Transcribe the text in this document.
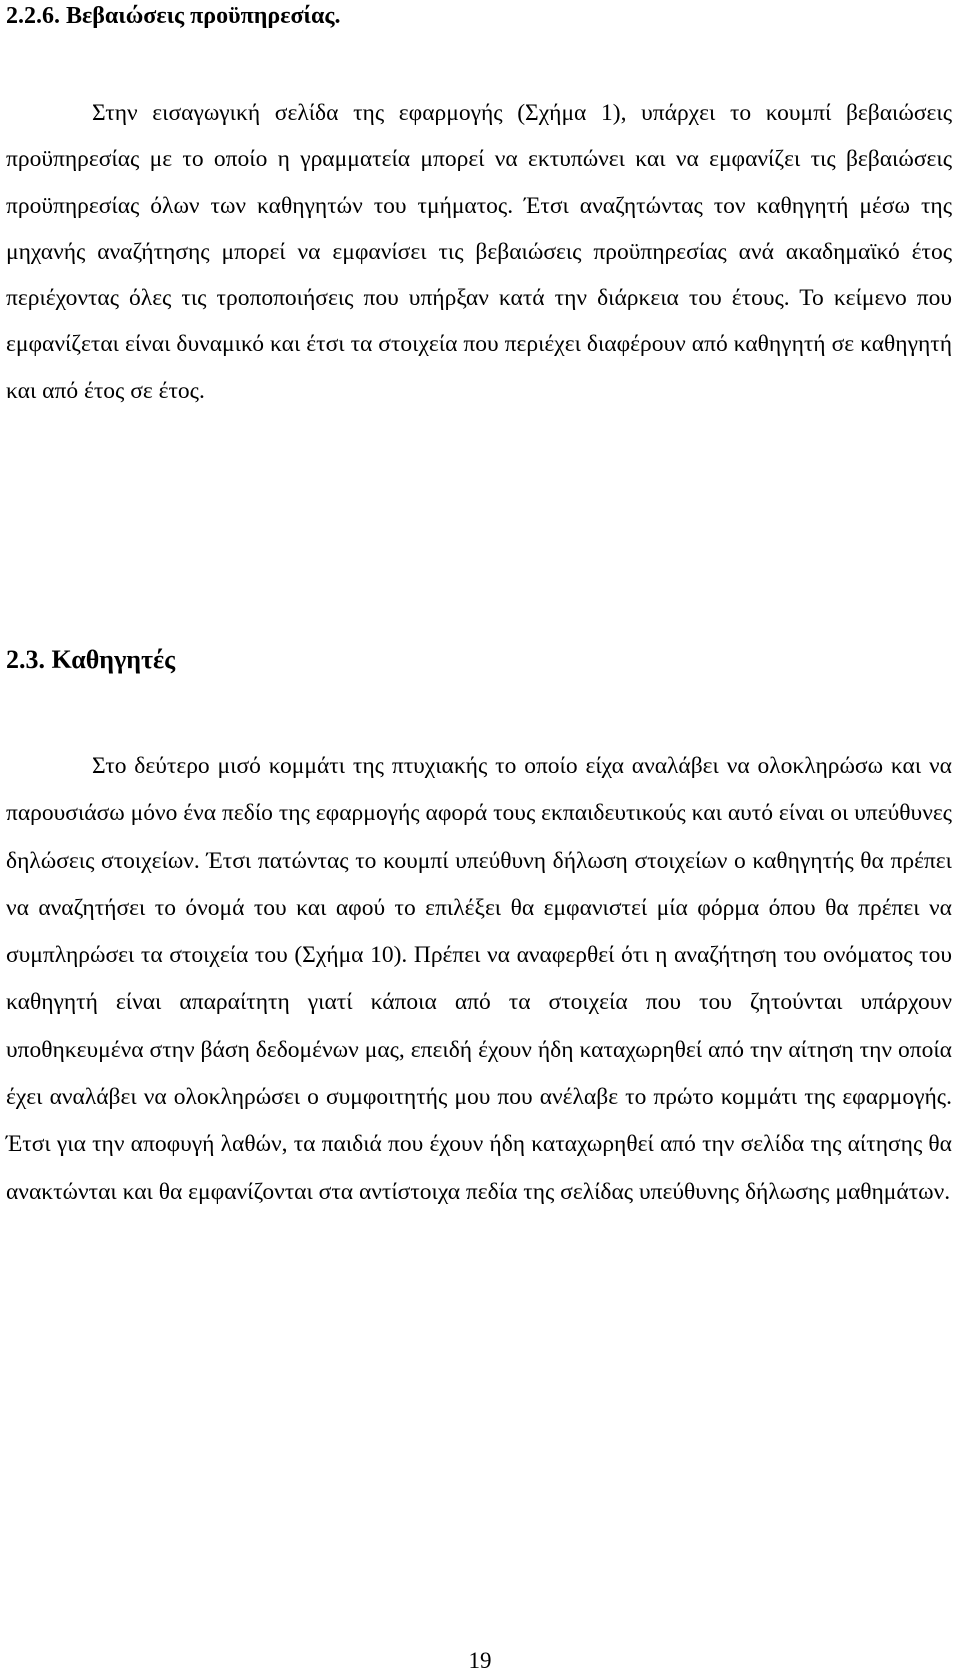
2.2.6. Βεβαιώσεις προϋπηρεσίας.

Στην εισαγωγική σελίδα της εφαρμογής (Σχήμα 1), υπάρχει το κουμπί βεβαιώσεις προϋπηρεσίας με το οποίο η γραμματεία μπορεί να εκτυπώνει και να εμφανίζει τις βεβαιώσεις προϋπηρεσίας όλων των καθηγητών του τμήματος. Έτσι αναζητώντας τον καθηγητή μέσω της μηχανής αναζήτησης μπορεί να εμφανίσει τις βεβαιώσεις προϋπηρεσίας ανά ακαδημαϊκό έτος περιέχοντας όλες τις τροποποιήσεις που υπήρξαν κατά την διάρκεια του έτους. Το κείμενο που εμφανίζεται είναι δυναμικό και έτσι τα στοιχεία που περιέχει διαφέρουν από καθηγητή σε καθηγητή και από έτος σε έτος.

2.3. Καθηγητές

Στο δεύτερο μισό κομμάτι της πτυχιακής το οποίο είχα αναλάβει να ολοκληρώσω και να παρουσιάσω μόνο ένα πεδίο της εφαρμογής αφορά τους εκπαιδευτικούς και αυτό είναι οι υπεύθυνες δηλώσεις στοιχείων. Έτσι πατώντας το κουμπί υπεύθυνη δήλωση στοιχείων ο καθηγητής θα πρέπει να αναζητήσει το όνομά του και αφού το επιλέξει θα εμφανιστεί μία φόρμα όπου θα πρέπει να συμπληρώσει τα στοιχεία του (Σχήμα 10). Πρέπει να αναφερθεί ότι η αναζήτηση του ονόματος του καθηγητή είναι απαραίτητη γιατί κάποια από τα στοιχεία που του ζητούνται υπάρχουν υποθηκευμένα στην βάση δεδομένων μας, επειδή έχουν ήδη καταχωρηθεί από την αίτηση την οποία έχει αναλάβει να ολοκληρώσει ο συμφοιτητής μου που ανέλαβε το πρώτο κομμάτι της εφαρμογής. Έτσι για την αποφυγή λαθών, τα παιδιά που έχουν ήδη καταχωρηθεί από την σελίδα της αίτησης θα ανακτώνται και θα εμφανίζονται στα αντίστοιχα πεδία της σελίδας υπεύθυνης δήλωσης μαθημάτων.

19
